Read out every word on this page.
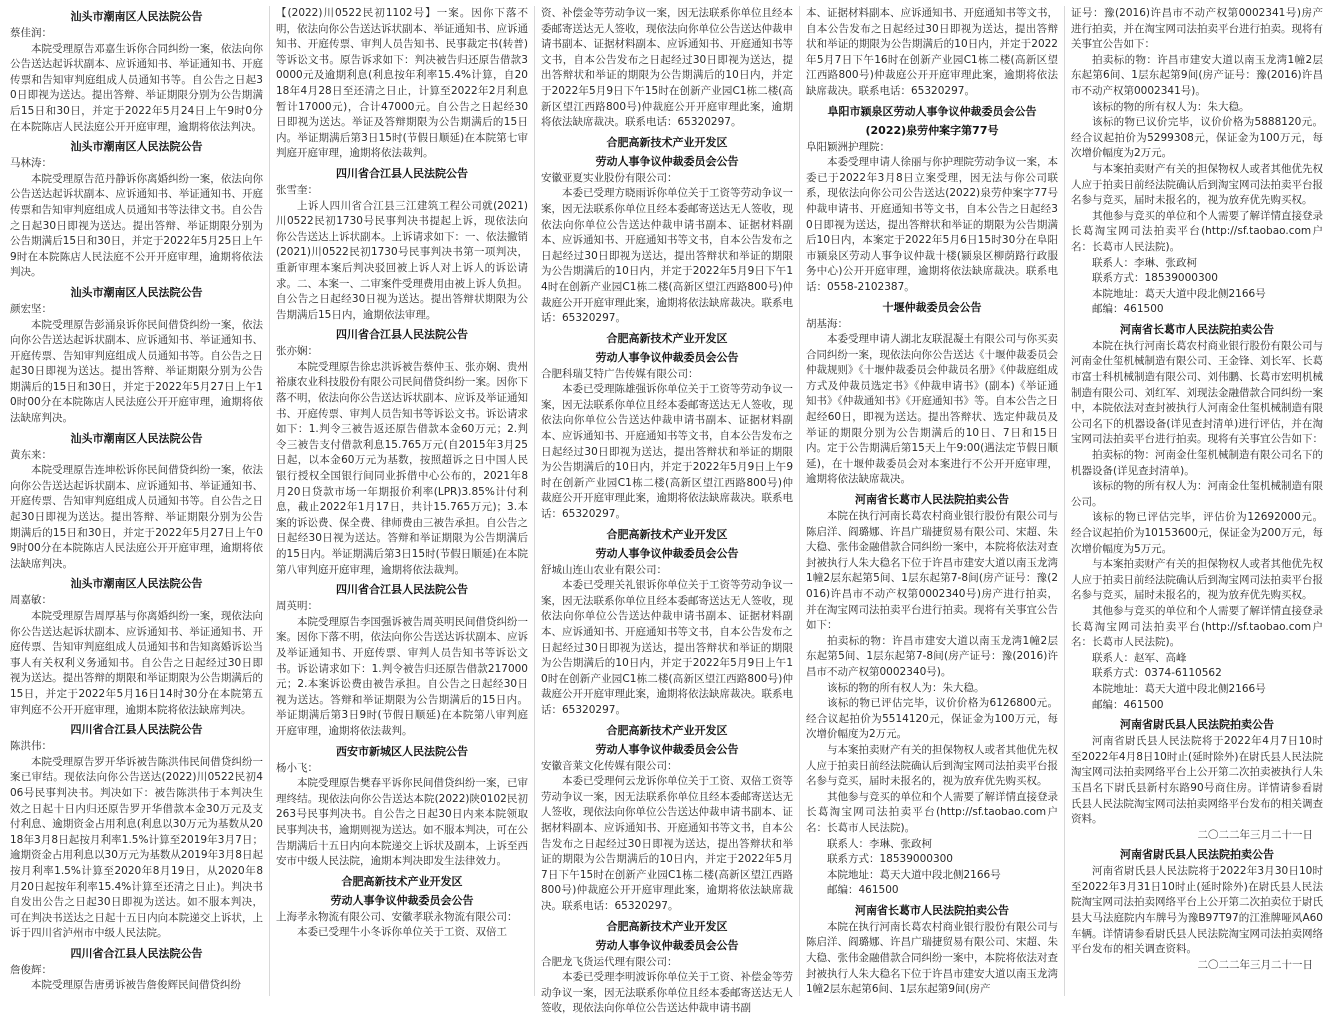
汕头市潮南区人民法院公告

蔡佳润：

本院受理原告邓嘉生诉你合同纠纷一案，依法向你公告送达起诉状副本、应诉通知书、举证通知书、开庭传票和告知审判庭组成人员通知书等。自公告之日起30日即视为送达。提出答辩、举证期限分别为公告期满后15日和30日，并定于2022年5月24日上午9时0分在本院陈店人民法庭公开开庭审理，逾期将依法判决。

汕头市潮南区人民法院公告

马林涛：

本院受理原告范丹静诉你离婚纠纷一案，依法向你公告送达起诉状副本、应诉通知书、举证通知书、开庭传票和告知审判庭组成人员通知书等法律文书。自公告之日起30日即视为送达。提出答辩、举证期限分别为公告期满后15日和30日，并定于2022年5月25日上午9时在本院陈店人民法庭不公开开庭审理，逾期将依法判决。

汕头市潮南区人民法院公告

颜宏坚：

本院受理原告彭涌泉诉你民间借贷纠纷一案，依法向你公告送达起诉状副本、应诉通知书、举证通知书、开庭传票、告知审判庭组成人员通知书等。自公告之日起30日即视为送达。提出答辩、举证期限分别为公告期满后的15日和30日，并定于2022年5月27日上午10时00分在本院陈店人民法庭公开开庭审理，逾期将依法缺席判决。

汕头市潮南区人民法院公告

黄东来：

本院受理原告连坤松诉你民间借贷纠纷一案，依法向你公告送达起诉状副本、应诉通知书、举证通知书、开庭传票、告知审判庭组成人员通知书等。自公告之日起30日即视为送达。提出答辩、举证期限分别为公告期满后的15日和30日，并定于2022年5月27日上午09时00分在本院陈店人民法庭公开开庭审理，逾期将依法缺席判决。

汕头市潮南区人民法院公告

周嘉敏：

本院受理原告周厚基与你离婚纠纷一案，现依法向你公告送达起诉状副本、应诉通知书、举证通知书、开庭传票、告知审判庭组成人员通知书和告知离婚诉讼当事人有关权利义务通知书。自公告之日起经过30日即视为送达。提出答辩的期限和举证期限为公告期满后的15日，并定于2022年5月16日14时30分在本院第五审判庭不公开开庭审理，逾期本院将依法缺席判决。

四川省合江县人民法院公告

陈洪伟：

本院受理原告罗开华诉被告陈洪伟民间借贷纠纷一案已审结。现依法向你公告送达(2022)川0522民初406号民事判决书。判决如下：被告陈洪伟于本判决生效之日起十日内归还原告罗开华借款本金30万元及支付利息、逾期资金占用利息(利息以30万元为基数从2018年3月8日起按月利率1.5%计算至2019年3月7日；逾期资金占用利息以30万元为基数从2019年3月8日起按月利率1.5%计算至2020年8月19日，从2020年8月20日起按年利率15.4%计算至还清之日止)。判决书自发出公告之日起30日即视为送达。如不服本判决，可在判决书送达之日起十五日内向本院递交上诉状，上诉于四川省泸州市中级人民法院。

四川省合江县人民法院公告

詹俊辉：

本院受理原告唐勇诉被告詹俊辉民间借贷纠纷

【(2022)川0522民初1102号】一案。因你下落不明，依法向你公告送达诉状副本、举证通知书、应诉通知书、开庭传票、审判人员告知书、民事裁定书(转普)等诉讼文书。原告诉求如下：判决被告归还原告借款30000元及逾期利息(利息按年利率15.4%计算，自2018年4月28日至还清之日止，计算至2022年2月利息暂计17000元)，合计47000元。自公告之日起经30日即视为送达。举证及答辩期限为公告期满后的15日内。举证期满后第3日15时(节假日顺延)在本院第七审判庭开庭审理，逾期将依法裁判。

四川省合江县人民法院公告

张雪奎：

上诉人四川省合江县三江建筑工程公司就(2021)川0522民初1730号民事判决书提起上诉，现依法向你公告送达上诉状副本。上诉请求如下：一、依法撤销(2021)川0522民初1730号民事判决书第一项判决，重新审理本案后判决驳回被上诉人对上诉人的诉讼请求。二、本案一、二审案件受理费用由被上诉人负担。自公告之日起经30日视为送达。提出答辩状期限为公告期满后15日内，逾期依法审理。

四川省合江县人民法院公告

张亦娴：

本院受理原告徐忠洪诉被告蔡仲玉、张亦娴、贵州裕康农业科技股份有限公司民间借贷纠纷一案。因你下落不明，依法向你公告送达诉状副本、应诉及举证通知书、开庭传票、审判人员告知书等诉讼文书。诉讼请求如下：1.判令三被告返还原告借款本金60万元；2.判令三被告支付借款利息15.765万元(自2015年3月25日起，以本金60万元为基数，按照超诉之日中国人民银行授权全国银行间同业拆借中心公布的，2021年8月20日贷款市场一年期报价利率(LPR)3.85%计付利息，截止2022年1月17日，共计15.765万元)；3.本案的诉讼费、保全费、律师费由三被告承担。自公告之日起经30日视为送达。答辩和举证期限为公告期满后的15日内。举证期满后第3日15时(节假日顺延)在本院第八审判庭开庭审理，逾期将依法裁判。

四川省合江县人民法院公告

周英明：

本院受理原告李国强诉被告周英明民间借贷纠纷一案。因你下落不明，依法向你公告送达诉状副本、应诉及举证通知书、开庭传票、审判人员告知书等诉讼文书。诉讼请求如下：1.判令被告归还原告借款217000元；2.本案诉讼费由被告承担。自公告之日起经30日视为送达。答辩和举证期限为公告期满后的15日内。举证期满后第3日9时(节假日顺延)在本院第八审判庭开庭审理，逾期将依法裁判。

西安市新城区人民法院公告

杨小飞：

本院受理原告樊春平诉你民间借贷纠纷一案，已审理终结。现依法向你公告送达本院(2022)陕0102民初263号民事判决书。自公告之日起30日内来本院领取民事判决书，逾期则视为送达。如不服本判决，可在公告期满后十五日内向本院递交上诉状及副本，上诉至西安市中级人民法院，逾期本判决即发生法律效力。

合肥高新技术产业开发区
劳动人事争议仲裁委员会公告

上海孝永物流有限公司、安徽孝联永物流有限公司：

本委已受理牛小冬诉你单位关于工资、双倍工

资、补偿金等劳动争议一案，因无法联系你单位且经本委邮寄送达无人签收，现依法向你单位公告送达仲裁申请书副本、证据材料副本、应诉通知书、开庭通知书等文书，自本公告发布之日起经过30日即视为送达，提出答辩状和举证的期限为公告期满后的10日内，并定于2022年5月9日下午15时在创新产业园C1栋二楼(高新区望江西路800号)仲裁庭公开开庭审理此案，逾期将依法缺席裁决。联系电话：65320297。

合肥高新技术产业开发区
劳动人事争议仲裁委员会公告

安徽亚夏实业股份有限公司：

本委已受理方晓雨诉你单位关于工资等劳动争议一案，因无法联系你单位且经本委邮寄送达无人签收，现依法向你单位公告送达仲裁申请书副本、证据材料副本、应诉通知书、开庭通知书等文书，自本公告发布之日起经过30日即视为送达，提出答辩状和举证的期限为公告期满后的10日内，并定于2022年5月9日下午14时在创新产业园C1栋二楼(高新区望江西路800号)仲裁庭公开开庭审理此案，逾期将依法缺席裁决。联系电话：65320297。

合肥高新技术产业开发区
劳动人事争议仲裁委员会公告

合肥科瑞艾特广告传媒有限公司：

本委已受理陈雄强诉你单位关于工资等劳动争议一案，因无法联系你单位且经本委邮寄送达无人签收，现依法向你单位公告送达仲裁申请书副本、证据材料副本、应诉通知书、开庭通知书等文书，自本公告发布之日起经过30日即视为送达，提出答辩状和举证的期限为公告期满后的10日内，并定于2022年5月9日上午9时在创新产业园C1栋二楼(高新区望江西路800号)仲裁庭公开开庭审理此案，逾期将依法缺席裁决。联系电话：65320297。

合肥高新技术产业开发区
劳动人事争议仲裁委员会公告

舒城山连山农业有限公司：

本委已受理关礼银诉你单位关于工资等劳动争议一案，因无法联系你单位且经本委邮寄送达无人签收，现依法向你单位公告送达仲裁申请书副本、证据材料副本、应诉通知书、开庭通知书等文书，自本公告发布之日起经过30日即视为送达，提出答辩状和举证的期限为公告期满后的10日内，并定于2022年5月9日上午10时在创新产业园C1栋二楼(高新区望江西路800号)仲裁庭公开开庭审理此案，逾期将依法缺席裁决。联系电话：65320297。

合肥高新技术产业开发区
劳动人事争议仲裁委员会公告

安徽音莱文化传媒有限公司：

本委已受理何云龙诉你单位关于工资、双倍工资等劳动争议一案，因无法联系你单位且经本委邮寄送达无人签收，现依法向你单位公告送达仲裁申请书副本、证据材料副本、应诉通知书、开庭通知书等文书，自本公告发布之日起经过30日即视为送达，提出答辩状和举证的期限为公告期满后的10日内，并定于2022年5月7日下午15时在创新产业园C1栋二楼(高新区望江西路800号)仲裁庭公开开庭审理此案，逾期将依法缺席裁决。联系电话：65320297。

合肥高新技术产业开发区
劳动人事争议仲裁委员会公告

合肥龙飞货运代理有限公司：

本委已受理李明波诉你单位关于工资、补偿金等劳动争议一案，因无法联系你单位且经本委邮寄送达无人签收，现依法向你单位公告送达仲裁申请书副

本、证据材料副本、应诉通知书、开庭通知书等文书，自本公告发布之日起经过30日即视为送达，提出答辩状和举证的期限为公告期满后的10日内，并定于2022年5月7日下午16时在创新产业园C1栋二楼(高新区望江西路800号)仲裁庭公开开庭审理此案，逾期将依法缺席裁决。联系电话：65320297。

阜阳市颍泉区劳动人事争议仲裁委员会公告
(2022)泉劳仲案字第77号

阜阳颖洲护理院：

本委受理申请人徐丽与你护理院劳动争议一案，本委已于2022年3月8日立案受理，因无法与你公司联系，现依法向你公司公告送达(2022)泉劳仲案字77号仲裁申请书、开庭通知书等文书，自本公告之日起经30日即视为送达，提出答辩状和举证的期限为公告期满后10日内，本案定于2022年5月6日15时30分在阜阳市颍泉区劳动人事争议仲裁十楼(颍泉区柳荫路行政服务中心)公开开庭审理，逾期将依法缺席裁决。联系电话：0558-2102387。

十堰仲裁委员会公告

胡基海：

本委受理申请人湖北友联混凝土有限公司与你买卖合同纠纷一案，现依法向你公告送达《十堰仲裁委员会仲裁规则》《十堰仲裁委员会仲裁员名册》《仲裁庭组成方式及仲裁员选定书》《仲裁申请书》(副本)《举证通知书》《仲裁通知书》《开庭通知书》等。自本公告之日起经60日，即视为送达。提出答辩状、选定仲裁员及举证的期限分别为公告期满后的10日、7日和15日内。定于公告期满后第15天上午9:00(遇法定节假日顺延)，在十堰仲裁委员会对本案进行不公开开庭审理，逾期将依法缺席裁决。

河南省长葛市人民法院拍卖公告

本院在执行河南长葛农村商业银行股份有限公司与陈启洋、阎璐娜、许昌广瑞捷贸易有限公司、宋超、朱大稳、张伟金融借款合同纠纷一案中，本院将依法对查封被执行人朱大稳名下位于许昌市建安大道以南玉龙湾1幢2层东起第5间、1层东起第7-8间(房产证号：豫(2016)许昌市不动产权第0002340号)房产进行拍卖，并在淘宝网司法拍卖平台进行拍卖。现将有关事宜公告如下：

拍卖标的物：许昌市建安大道以南玉龙湾1幢2层东起第5间、1层东起第7-8间(房产证号：豫(2016)许昌市不动产权第0002340号)。

该标的物的所有权人为：朱大稳。

该标的物已评估完毕，议价价格为6126800元。经合议起拍价为5514120元，保证金为100万元，每次增价幅度为2万元。

与本案拍卖财产有关的担保物权人或者其他优先权人应于拍卖日前经法院确认后到淘宝网司法拍卖平台报名参与竞买，届时未报名的，视为放弃优先购买权。

其他参与竞买的单位和个人需要了解详情直接登录长葛淘宝网司法拍卖平台(http://sf.taobao.com户名：长葛市人民法院)。

联系人：李琳、张政柯

联系方式：18539000300

本院地址：葛天大道中段北侧2166号

邮编：461500

河南省长葛市人民法院拍卖公告

本院在执行河南长葛农村商业银行股份有限公司与陈启洋、阎璐娜、许昌广瑞捷贸易有限公司、宋超、朱大稳、张伟金融借款合同纠纷一案中，本院将依法对查封被执行人朱大稳名下位于许昌市建安大道以南玉龙湾1幢2层东起第6间、1层东起第9间(房产

证号：豫(2016)许昌市不动产权第0002341号)房产进行拍卖，并在淘宝网司法拍卖平台进行拍卖。现将有关事宜公告如下：

拍卖标的物：许昌市建安大道以南玉龙湾1幢2层东起第6间、1层东起第9间(房产证号：豫(2016)许昌市不动产权第0002341号)。

该标的物的所有权人为：朱大稳。

该标的物已议价完毕，议价价格为5888120元。经合议起拍价为5299308元，保证金为100万元，每次增价幅度为2万元。

与本案拍卖财产有关的担保物权人或者其他优先权人应于拍卖日前经法院确认后到淘宝网司法拍卖平台报名参与竞买，届时未报名的，视为放弃优先购买权。

其他参与竞买的单位和个人需要了解详情直接登录长葛淘宝网司法拍卖平台(http://sf.taobao.com户名：长葛市人民法院)。

联系人：李琳、张政柯

联系方式：18539000300

本院地址：葛天大道中段北侧2166号

邮编：461500

河南省长葛市人民法院拍卖公告

本院在执行河南长葛农村商业银行股份有限公司与河南金仕玺机械制造有限公司、王金锋、刘长军、长葛市富士科机械制造有限公司、刘伟鹏、长葛市宏明机械制造有限公司、刘红军、刘现法金融借款合同纠纷一案中，本院依法对查封被执行人河南金仕玺机械制造有限公司名下的机器设备(详见查封清单)进行评估，并在淘宝网司法拍卖平台进行拍卖。现将有关事宜公告如下：

拍卖标的物：河南金仕玺机械制造有限公司名下的机器设备(详见查封清单)。

该标的物的所有权人为：河南金仕玺机械制造有限公司。

该标的物已评估完毕，评估价为12692000元。经合议起拍价为10153600元，保证金为200万元，每次增价幅度为5万元。

与本案拍卖财产有关的担保物权人或者其他优先权人应于拍卖日前经法院确认后到淘宝网司法拍卖平台报名参与竞买，届时未报名的，视为放弃优先购买权。

其他参与竞买的单位和个人需要了解详情直接登录长葛淘宝网司法拍卖平台(http://sf.taobao.com户名：长葛市人民法院)。

联系人：赵军、高峰

联系方式：0374-6110562

本院地址：葛天大道中段北侧2166号

邮编：461500

河南省尉氏县人民法院拍卖公告

河南省尉氏县人民法院将于2022年4月7日10时至2022年4月8日10时止(延时除外)在尉氏县人民法院淘宝网司法拍卖网络平台上公开第二次拍卖被执行人朱玉昌名下尉氏县新村东路90号商住房。详情请参看尉氏县人民法院淘宝网司法拍卖网络平台发布的相关调查资料。

二〇二二年三月二十一日

河南省尉氏县人民法院拍卖公告

河南省尉氏县人民法院将于2022年3月30日10时至2022年3月31日10时止(延时除外)在尉氏县人民法院淘宝网司法拍卖网络平台上公开第二次拍卖位于尉氏县大马法庭院内车牌号为豫B97T97的江淮牌哑风A60车辆。详情请参看尉氏县人民法院淘宝网司法拍卖网络平台发布的相关调查资料。

二〇二二年三月二十一日
